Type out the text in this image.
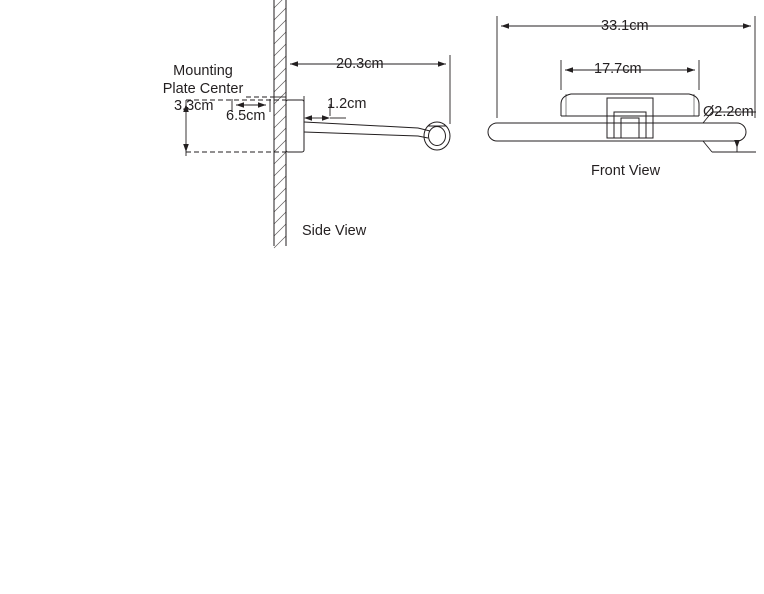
Mounting
Plate Center
20.3cm
1.2cm
3.3cm
6.5cm
Side View
33.1cm
17.7cm
Ø2.2cm
Front View
